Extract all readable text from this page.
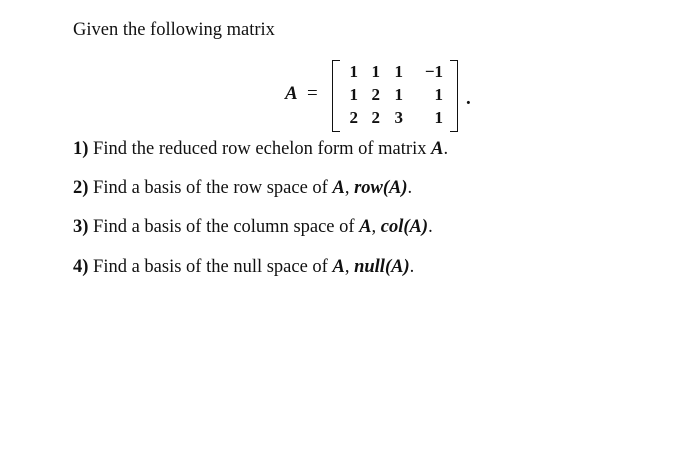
Given the following matrix
A =
1 1 1	−1
1 2 1	1
2 2 3	1
.
1) Find the reduced row echelon form of matrix A.
2) Find a basis of the row space of A, row(A).
3) Find a basis of the column space of A, col(A).
4) Find a basis of the null space of A, null(A).
